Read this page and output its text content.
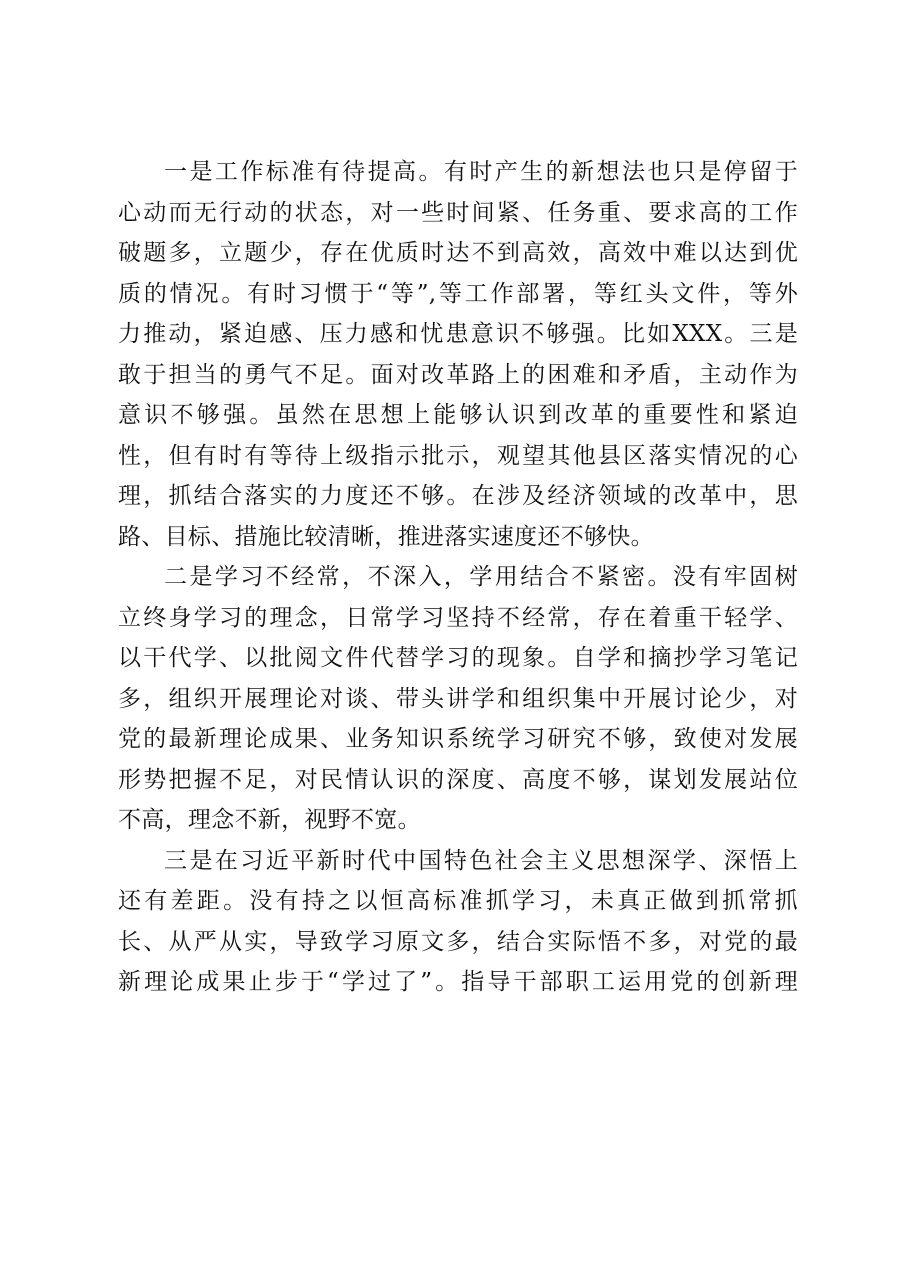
一是工作标准有待提高。有时产生的新想法也只是停留于
心动而无行动的状态，对一些时间紧、任务重、要求高的工作
破题多，立题少，存在优质时达不到高效，高效中难以达到优
质的情况。有时习惯于“等”,等工作部署，等红头文件，等外
力推动，紧迫感、压力感和忧患意识不够强。比如XXX。三是
敢于担当的勇气不足。面对改革路上的困难和矛盾，主动作为
意识不够强。虽然在思想上能够认识到改革的重要性和紧迫
性，但有时有等待上级指示批示，观望其他县区落实情况的心
理，抓结合落实的力度还不够。在涉及经济领域的改革中，思
路、目标、措施比较清晰，推进落实速度还不够快。
二是学习不经常，不深入，学用结合不紧密。没有牢固树
立终身学习的理念，日常学习坚持不经常，存在着重干轻学、
以干代学、以批阅文件代替学习的现象。自学和摘抄学习笔记
多，组织开展理论对谈、带头讲学和组织集中开展讨论少，对
党的最新理论成果、业务知识系统学习研究不够，致使对发展
形势把握不足，对民情认识的深度、高度不够，谋划发展站位
不高，理念不新，视野不宽。
三是在习近平新时代中国特色社会主义思想深学、深悟上
还有差距。没有持之以恒高标准抓学习，未真正做到抓常抓
长、从严从实，导致学习原文多，结合实际悟不多，对党的最
新理论成果止步于“学过了”。指导干部职工运用党的创新理
